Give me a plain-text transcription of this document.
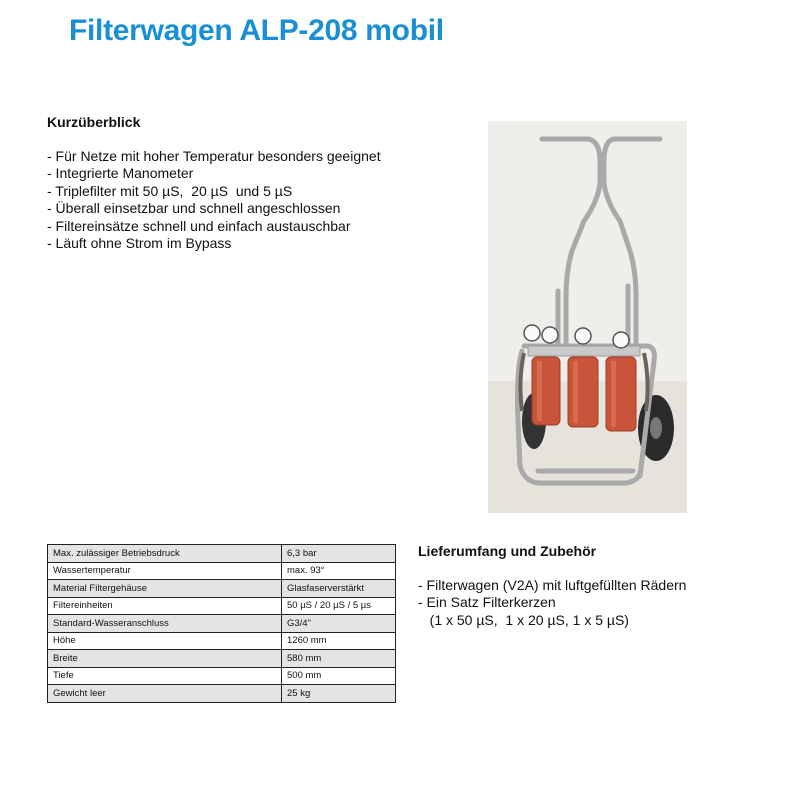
Filterwagen ALP-208 mobil
Kurzüberblick
- Für Netze mit hoher Temperatur besonders geeignet
- Integrierte Manometer
- Triplefilter mit 50 µS,  20 µS  und 5 µS
- Überall einsetzbar und schnell angeschlossen
- Filtereinsätze schnell und einfach austauschbar
- Läuft ohne Strom im Bypass
Max. zulässiger Betriebsdruck	6,3 bar
Wassertemperatur	max. 93°
Material Filtergehäuse	Glasfaserverstärkt
Filtereinheiten	50 µS / 20 µS / 5 µs
Standard-Wasseranschluss	G3/4"
Höhe	1260 mm
Breite	580 mm
Tiefe	500 mm
Gewicht leer	25 kg
Lieferumfang und Zubehör
- Filterwagen (V2A) mit luftgefüllten Rädern
- Ein Satz Filterkerzen
(1 x 50 µS,  1 x 20 µS, 1 x 5 µS)
